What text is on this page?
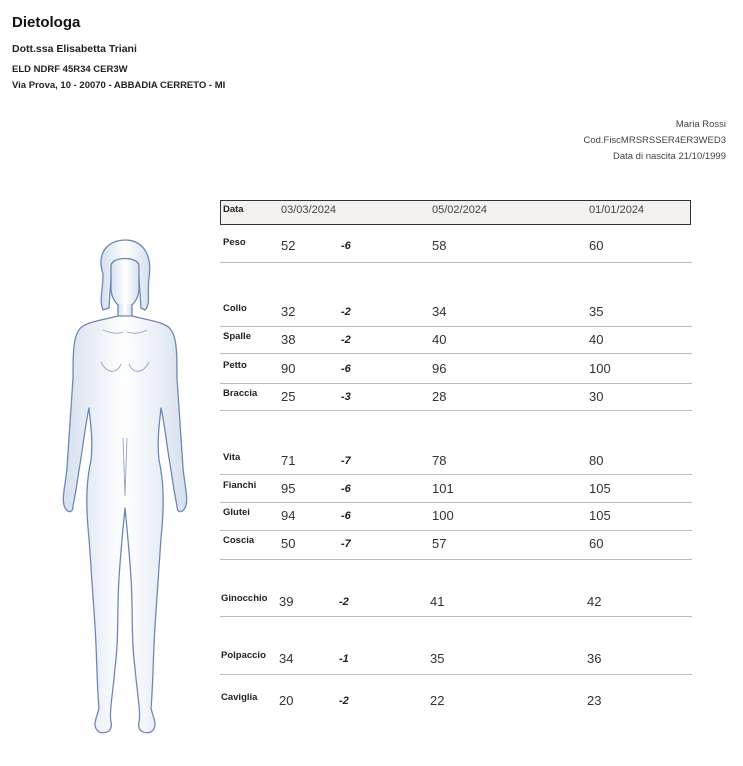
Dietologa
Dott.ssa Elisabetta Triani
ELD NDRF 45R34 CER3W
Via Prova, 10 - 20070 - ABBADIA CERRETO - MI
Maria Rossi
Cod.FiscMRSRSSER4ER3WED3
Data di nascita 21/10/1999
Data	03/03/2024	05/02/2024	01/01/2024
Peso	52	-6	58	60
Collo	32	-2	34	35
Spalle 38	-2	40	40
Petto	90	-6	96	100
Braccia 25	-3	28	30
Vita	71	-7	78	80
Fianchi 95	-6	101	105
Glutei 94	-6	100	105
Coscia 50	-7	57	60
Ginocchio 39	-2	41	42
Polpaccio 34	-1	35	36
Caviglia 20	-2	22	23
